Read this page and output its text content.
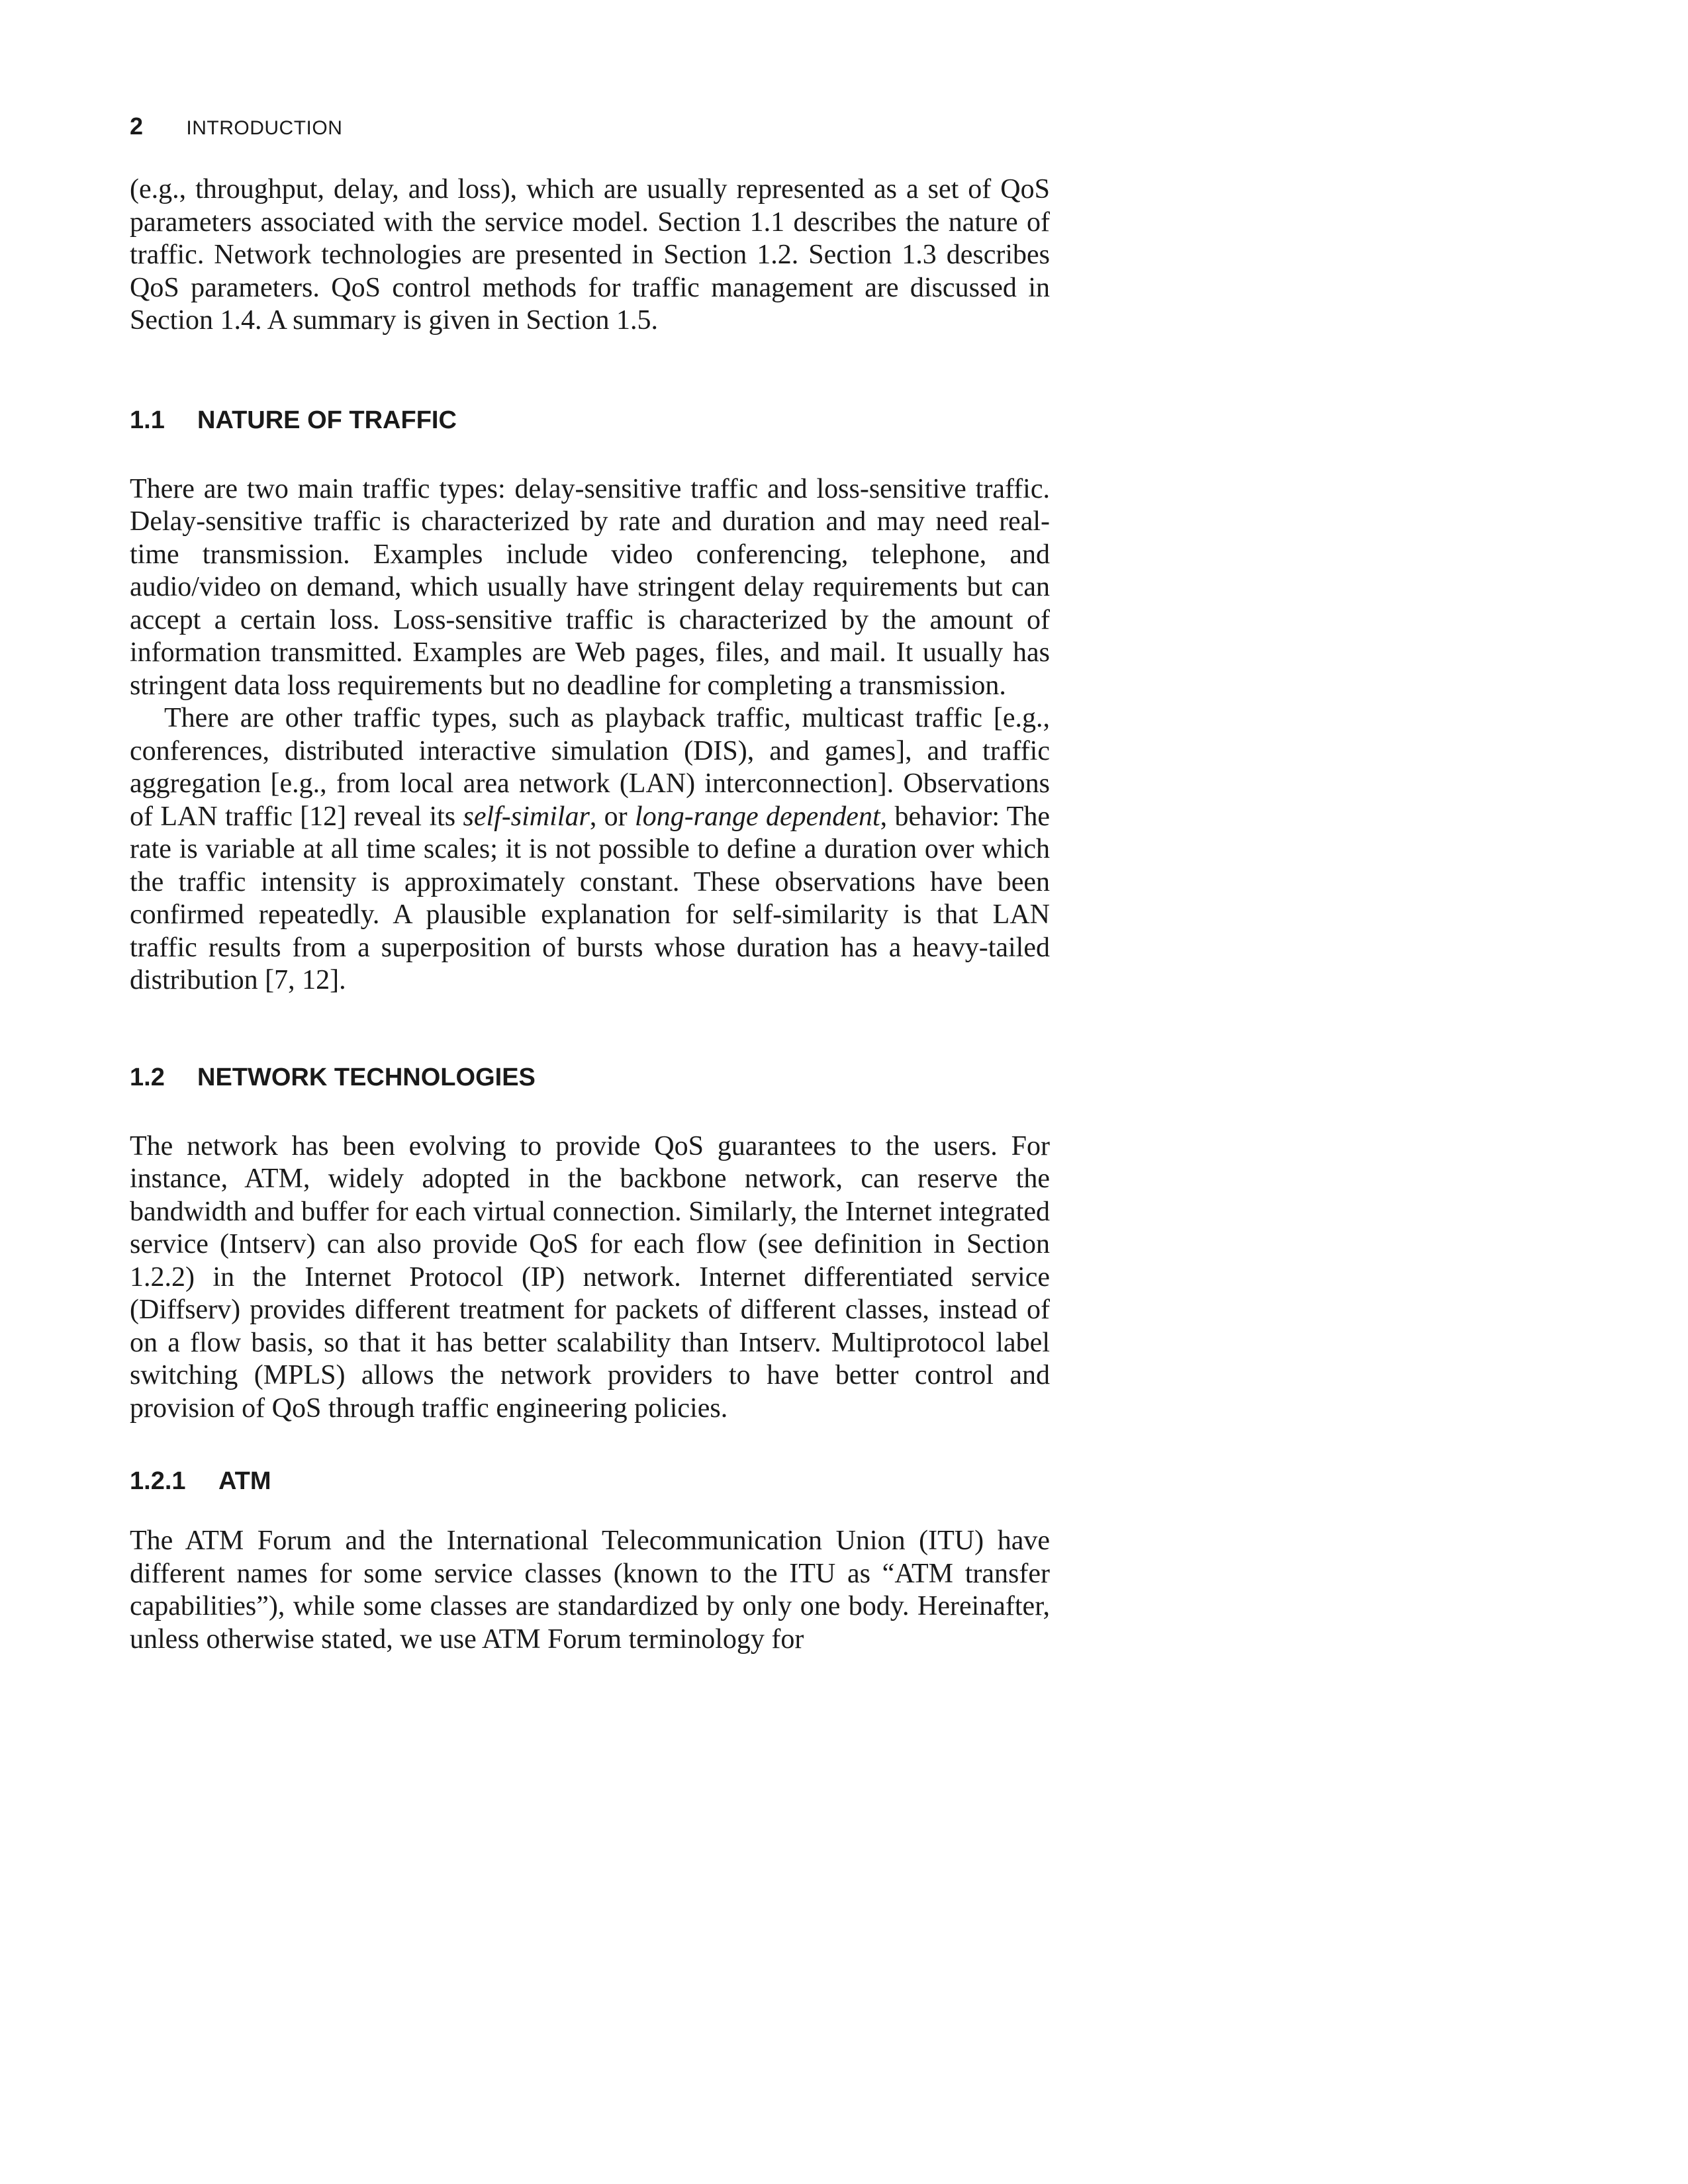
2 INTRODUCTION

(e.g., throughput, delay, and loss), which are usually represented as a set of QoS parameters associated with the service model. Section 1.1 describes the nature of traffic. Network technologies are presented in Section 1.2. Section 1.3 describes QoS parameters. QoS control methods for traffic management are discussed in Section 1.4. A summary is given in Section 1.5.

1.1 NATURE OF TRAFFIC

There are two main traffic types: delay-sensitive traffic and loss-sensitive traffic. Delay-sensitive traffic is characterized by rate and duration and may need real-time transmission. Examples include video conferencing, telephone, and audio/video on demand, which usually have stringent delay requirements but can accept a certain loss. Loss-sensitive traffic is characterized by the amount of information transmitted. Examples are Web pages, files, and mail. It usually has stringent data loss requirements but no deadline for completing a transmission.

There are other traffic types, such as playback traffic, multicast traffic [e.g., conferences, distributed interactive simulation (DIS), and games], and traffic aggregation [e.g., from local area network (LAN) interconnection]. Observations of LAN traffic [12] reveal its self-similar, or long-range dependent, behavior: The rate is variable at all time scales; it is not possible to define a duration over which the traffic intensity is approximately constant. These observations have been confirmed repeatedly. A plausible explanation for self-similarity is that LAN traffic results from a superposition of bursts whose duration has a heavy-tailed distribution [7, 12].

1.2 NETWORK TECHNOLOGIES

The network has been evolving to provide QoS guarantees to the users. For instance, ATM, widely adopted in the backbone network, can reserve the bandwidth and buffer for each virtual connection. Similarly, the Internet integrated service (Intserv) can also provide QoS for each flow (see definition in Section 1.2.2) in the Internet Protocol (IP) network. Internet differentiated service (Diffserv) provides different treatment for packets of different classes, instead of on a flow basis, so that it has better scalability than Intserv. Multiprotocol label switching (MPLS) allows the network providers to have better control and provision of QoS through traffic engineering policies.

1.2.1 ATM

The ATM Forum and the International Telecommunication Union (ITU) have different names for some service classes (known to the ITU as “ATM transfer capabilities”), while some classes are standardized by only one body. Hereinafter, unless otherwise stated, we use ATM Forum terminology for
